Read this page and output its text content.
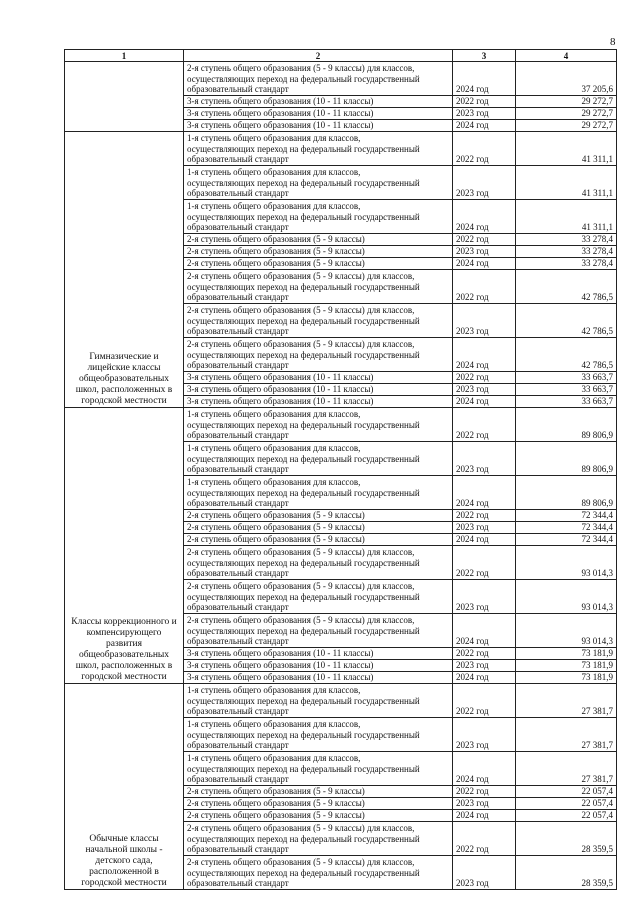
8
1	2	3	4

	2-я ступень общего образования (5 - 9 классы) для классов,
осуществляющих переход на федеральный государственный
образовательный стандарт	2024 год	37 205,6

	3-я ступень общего образования (10 - 11 классы)	2022 год	29 272,7

	3-я ступень общего образования (10 - 11 классы)	2023 год	29 272,7

	3-я ступень общего образования (10 - 11 классы)	2024 год	29 272,7
Гимназические и лицейские классы общеобразовательных школ, расположенных в городской местности	1-я ступень общего образования для классов,
осуществляющих переход на федеральный государственный
образовательный стандарт	2022 год	41 311,1

	1-я ступень общего образования для классов,
осуществляющих переход на федеральный государственный
образовательный стандарт	2023 год	41 311,1

	1-я ступень общего образования для классов,
осуществляющих переход на федеральный государственный
образовательный стандарт	2024 год	41 311,1

	2-я ступень общего образования (5 - 9 классы)	2022 год	33 278,4

	2-я ступень общего образования (5 - 9 классы)	2023 год	33 278,4

	2-я ступень общего образования (5 - 9 классы)	2024 год	33 278,4

	2-я ступень общего образования (5 - 9 классы) для классов,
осуществляющих переход на федеральный государственный
образовательный стандарт	2022 год	42 786,5

	2-я ступень общего образования (5 - 9 классы) для классов,
осуществляющих переход на федеральный государственный
образовательный стандарт	2023 год	42 786,5

	2-я ступень общего образования (5 - 9 классы) для классов,
осуществляющих переход на федеральный государственный
образовательный стандарт	2024 год	42 786,5

	3-я ступень общего образования (10 - 11 классы)	2022 год	33 663,7

	3-я ступень общего образования (10 - 11 классы)	2023 год	33 663,7

	3-я ступень общего образования (10 - 11 классы)	2024 год	33 663,7
Классы коррекционного и компенсирующего развития общеобразовательных школ, расположенных в городской местности	1-я ступень общего образования для классов,
осуществляющих переход на федеральный государственный
образовательный стандарт	2022 год	89 806,9

	1-я ступень общего образования для классов,
осуществляющих переход на федеральный государственный
образовательный стандарт	2023 год	89 806,9

	1-я ступень общего образования для классов,
осуществляющих переход на федеральный государственный
образовательный стандарт	2024 год	89 806,9

	2-я ступень общего образования (5 - 9 классы)	2022 год	72 344,4

	2-я ступень общего образования (5 - 9 классы)	2023 год	72 344,4

	2-я ступень общего образования (5 - 9 классы)	2024 год	72 344,4

	2-я ступень общего образования (5 - 9 классы) для классов,
осуществляющих переход на федеральный государственный
образовательный стандарт	2022 год	93 014,3

	2-я ступень общего образования (5 - 9 классы) для классов,
осуществляющих переход на федеральный государственный
образовательный стандарт	2023 год	93 014,3

	2-я ступень общего образования (5 - 9 классы) для классов,
осуществляющих переход на федеральный государственный
образовательный стандарт	2024 год	93 014,3

	3-я ступень общего образования (10 - 11 классы)	2022 год	73 181,9

	3-я ступень общего образования (10 - 11 классы)	2023 год	73 181,9

	3-я ступень общего образования (10 - 11 классы)	2024 год	73 181,9
Обычные классы начальной школы - детского сада, расположенной в городской местности	1-я ступень общего образования для классов,
осуществляющих переход на федеральный государственный
образовательный стандарт	2022 год	27 381,7

	1-я ступень общего образования для классов,
осуществляющих переход на федеральный государственный
образовательный стандарт	2023 год	27 381,7

	1-я ступень общего образования для классов,
осуществляющих переход на федеральный государственный
образовательный стандарт	2024 год	27 381,7

	2-я ступень общего образования (5 - 9 классы)	2022 год	22 057,4

	2-я ступень общего образования (5 - 9 классы)	2023 год	22 057,4

	2-я ступень общего образования (5 - 9 классы)	2024 год	22 057,4

	2-я ступень общего образования (5 - 9 классы) для классов,
осуществляющих переход на федеральный государственный
образовательный стандарт	2022 год	28 359,5

	2-я ступень общего образования (5 - 9 классы) для классов,
осуществляющих переход на федеральный государственный
образовательный стандарт	2023 год	28 359,5
